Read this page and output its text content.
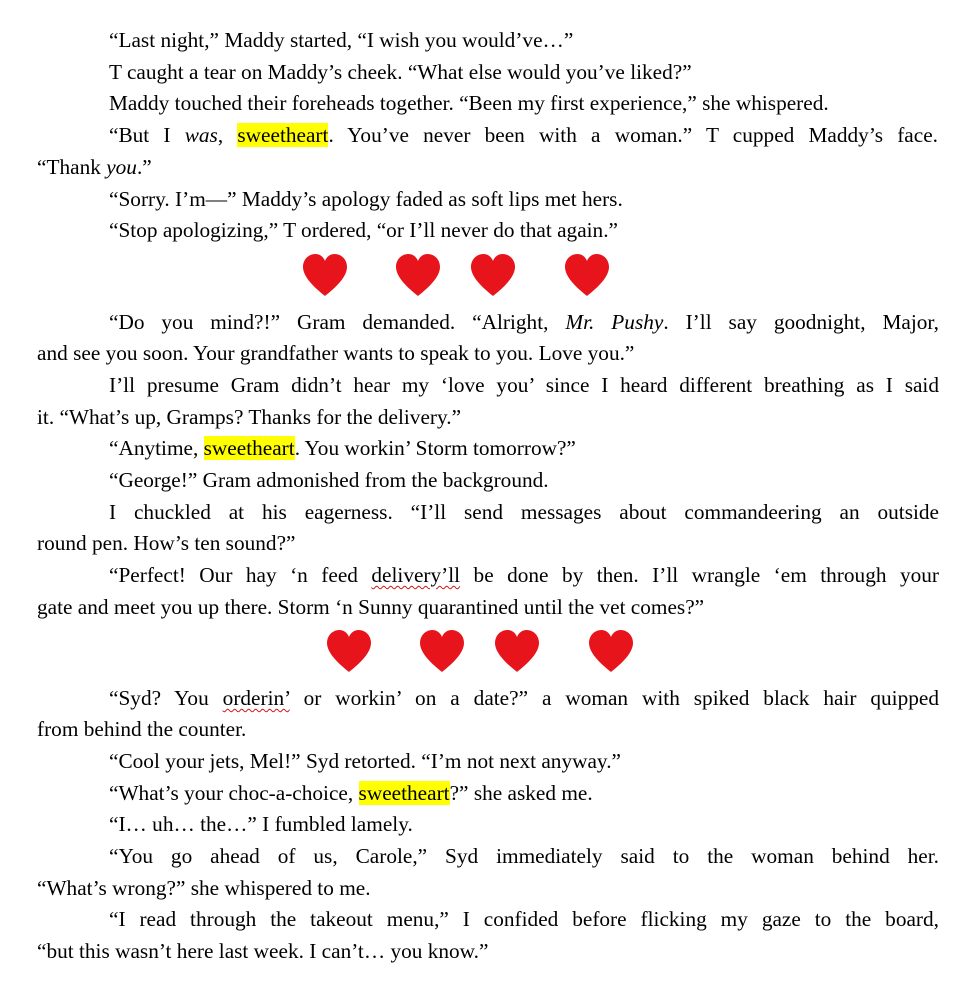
“Last night,” Maddy started, “I wish you would’ve…”
T caught a tear on Maddy’s cheek. “What else would you’ve liked?”
Maddy touched their foreheads together. “Been my first experience,” she whispered.
“But I was, sweetheart. You’ve never been with a woman.” T cupped Maddy’s face.
“Thank you.”
“Sorry. I’m—” Maddy’s apology faded as soft lips met hers.
“Stop apologizing,” T ordered, “or I’ll never do that again.”
“Do you mind?!” Gram demanded. “Alright, Mr. Pushy. I’ll say goodnight, Major,
and see you soon. Your grandfather wants to speak to you. Love you.”
I’ll presume Gram didn’t hear my ‘love you’ since I heard different breathing as I said
it. “What’s up, Gramps? Thanks for the delivery.”
“Anytime, sweetheart. You workin’ Storm tomorrow?”
“George!” Gram admonished from the background.
I chuckled at his eagerness. “I’ll send messages about commandeering an outside
round pen. How’s ten sound?”
“Perfect! Our hay ‘n feed delivery’ll be done by then. I’ll wrangle ‘em through your
gate and meet you up there. Storm ‘n Sunny quarantined until the vet comes?”
“Syd? You orderin’ or workin’ on a date?” a woman with spiked black hair quipped
from behind the counter.
“Cool your jets, Mel!” Syd retorted. “I’m not next anyway.”
“What’s your choc-a-choice, sweetheart?” she asked me.
“I… uh… the…” I fumbled lamely.
“You go ahead of us, Carole,” Syd immediately said to the woman behind her.
“What’s wrong?” she whispered to me.
“I read through the takeout menu,” I confided before flicking my gaze to the board,
“but this wasn’t here last week. I can’t… you know.”
